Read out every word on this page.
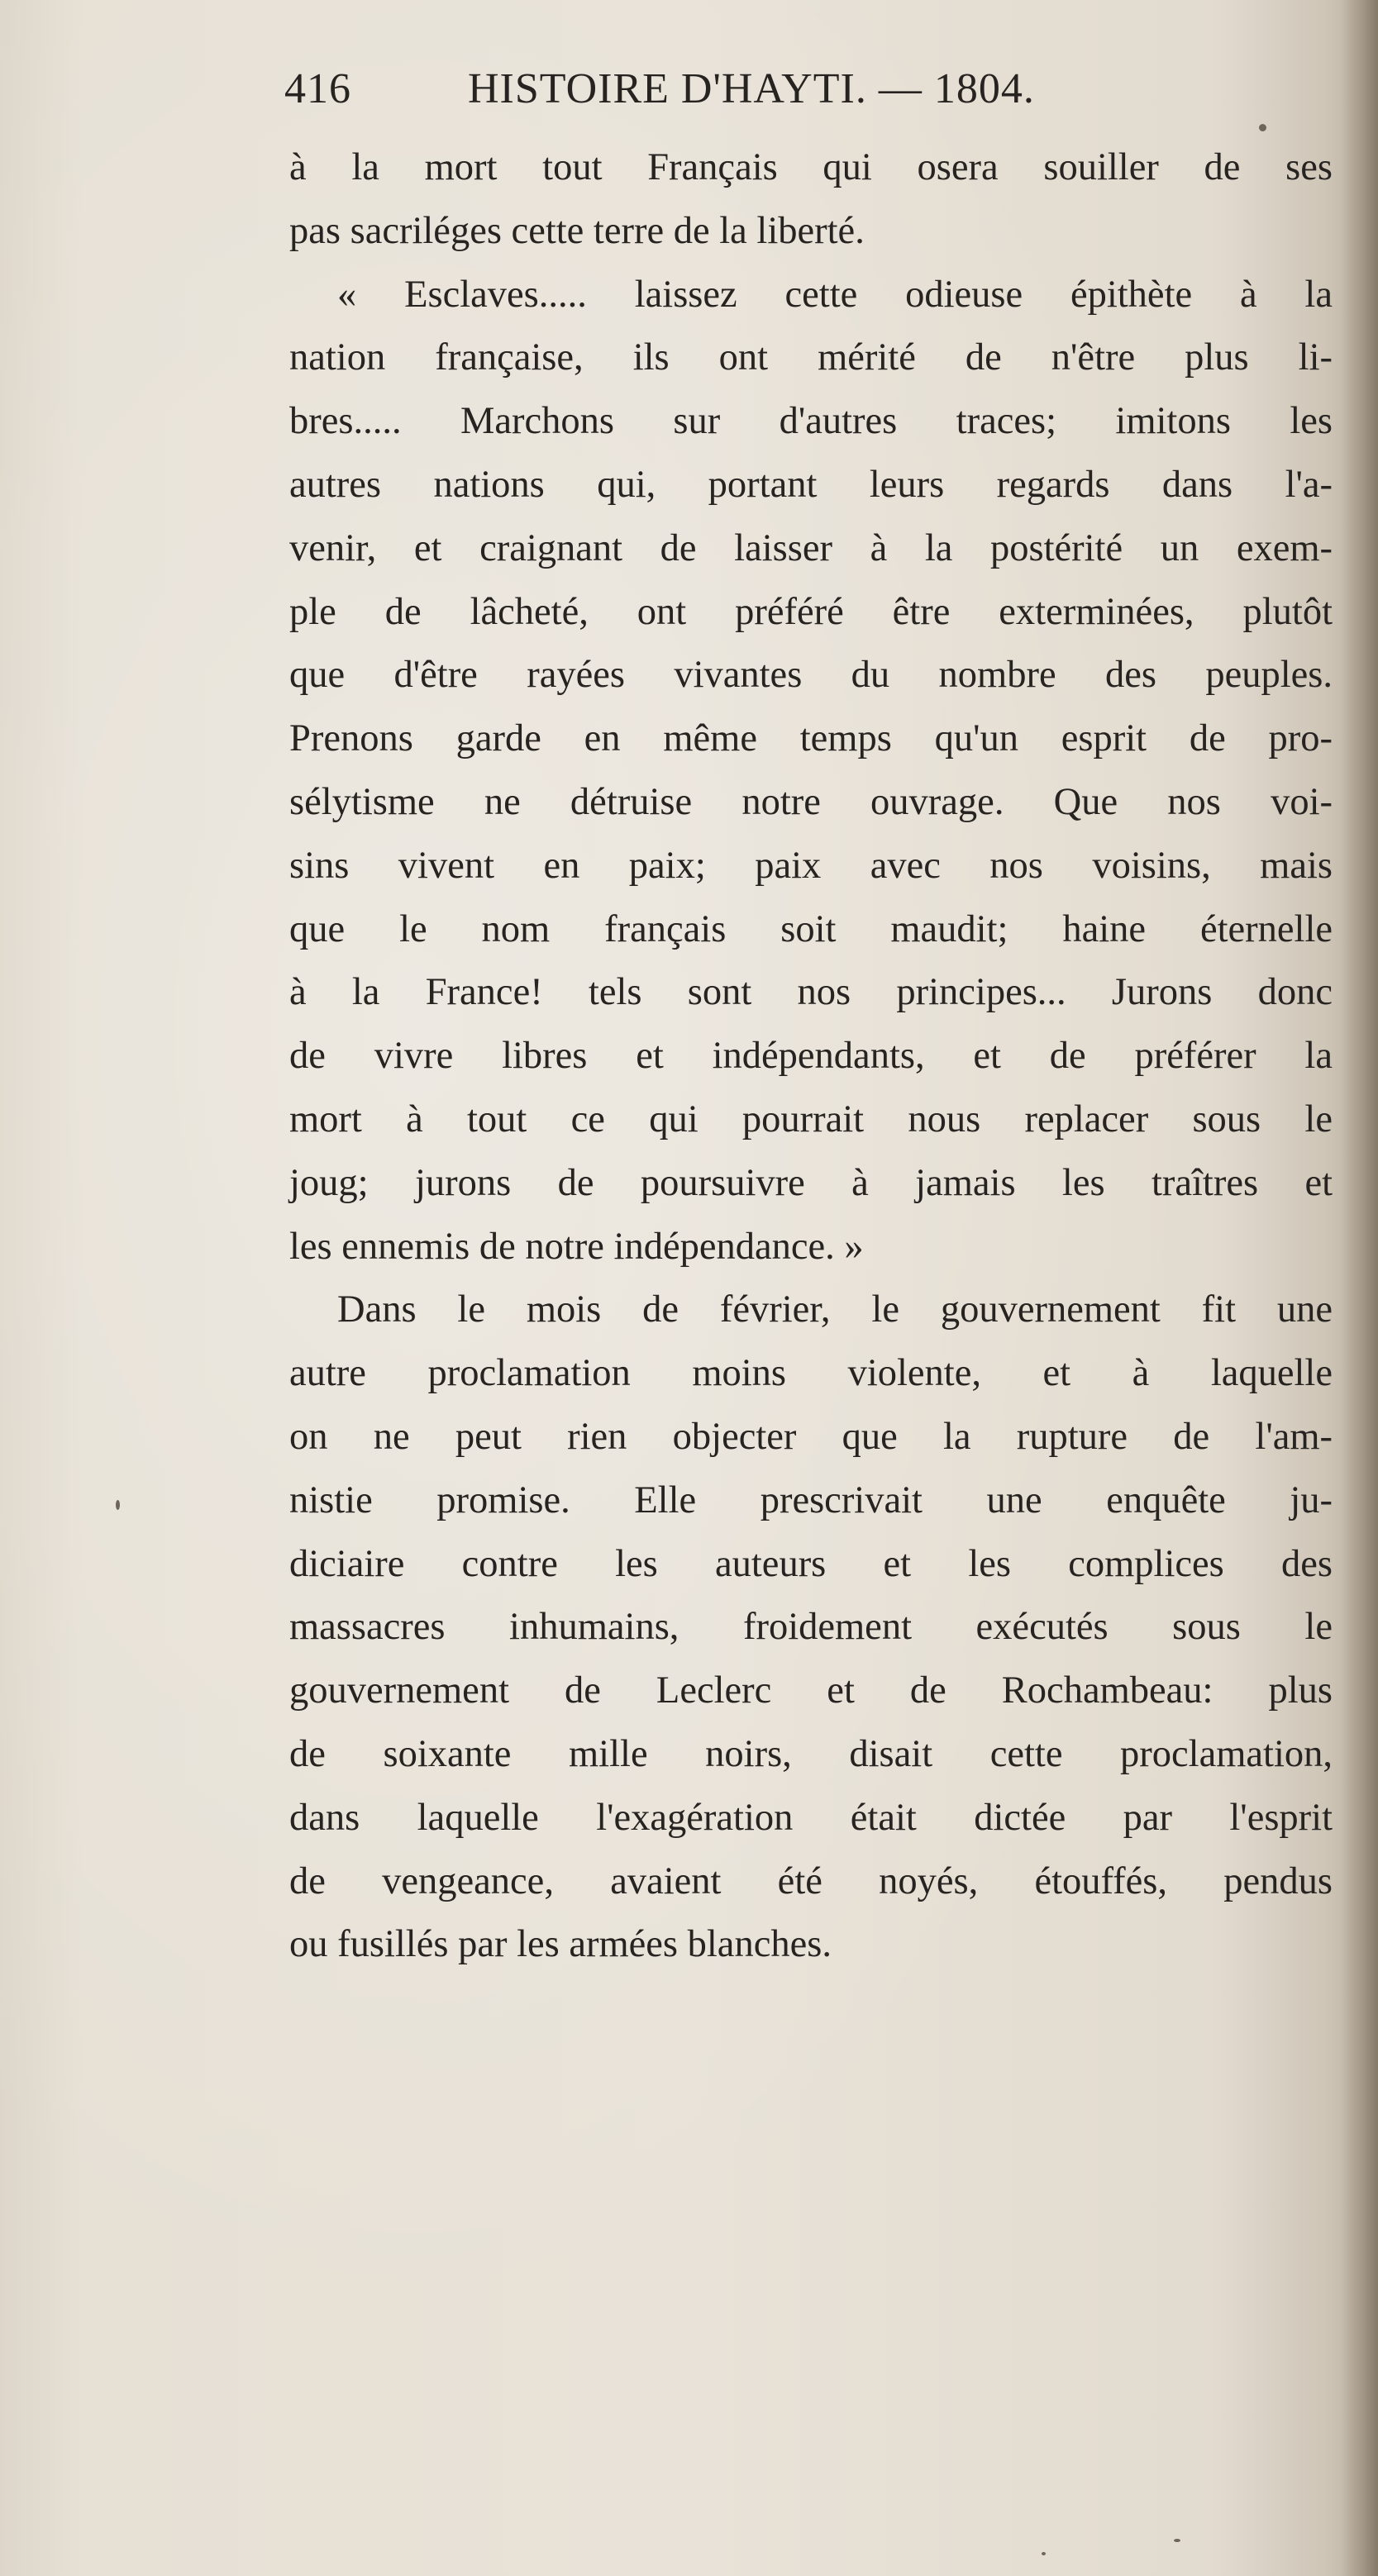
416	HISTOIRE D'HAYTI. — 1804.
à la mort tout Français qui osera souiller de ses
pas sacriléges cette terre de la liberté.
« Esclaves..... laissez cette odieuse épithète à la
nation française, ils ont mérité de n'être plus li-
bres..... Marchons sur d'autres traces; imitons les
autres nations qui, portant leurs regards dans l'a-
venir, et craignant de laisser à la postérité un exem-
ple de lâcheté, ont préféré être exterminées, plutôt
que d'être rayées vivantes du nombre des peuples.
Prenons garde en même temps qu'un esprit de pro-
sélytisme ne détruise notre ouvrage. Que nos voi-
sins vivent en paix; paix avec nos voisins, mais
que le nom français soit maudit; haine éternelle
à la France! tels sont nos principes... Jurons donc
de vivre libres et indépendants, et de préférer la
mort à tout ce qui pourrait nous replacer sous le
joug; jurons de poursuivre à jamais les traîtres et
les ennemis de notre indépendance. »
Dans le mois de février, le gouvernement fit une
autre proclamation moins violente, et à laquelle
on ne peut rien objecter que la rupture de l'am-
nistie promise. Elle prescrivait une enquête ju-
diciaire contre les auteurs et les complices des
massacres inhumains, froidement exécutés sous le
gouvernement de Leclerc et de Rochambeau: plus
de soixante mille noirs, disait cette proclamation,
dans laquelle l'exagération était dictée par l'esprit
de vengeance, avaient été noyés, étouffés, pendus
ou fusillés par les armées blanches.
